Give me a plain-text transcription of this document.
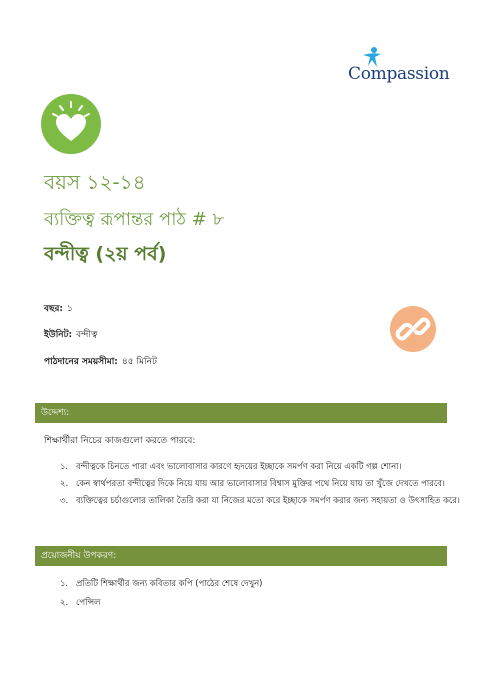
Compassion
বয়স ১২-১৪
ব্যক্তিত্ব রূপান্তর পাঠ # ৮
বন্দীত্ব (২য় পর্ব)
বছর: ১
ইউনিট: বন্দীত্ব
পাঠদানের সময়সীমা: ৪৫ মিনিট
উদ্দেশ্য:
শিক্ষার্থীরা নিচের কাজগুলো করতে পারবে:
১. বন্দীত্বকে চিনতে পারা এবং ভালোবাসার কারণে হৃদয়ের ইচ্ছাকে সমর্পণ করা নিয়ে একটি গল্প শোনা।
২. কেন স্বার্থপরতা বন্দীত্বের দিকে নিয়ে যায় আর ভালোবাসার বিশ্বাস মুক্তির পথে নিয়ে যায় তা খুঁজে দেখতে পারবে।
৩. ব্যক্তিত্বের চর্চাগুলোর তালিকা তৈরি করা যা নিজের মতো করে ইচ্ছাকে সমর্পণ করার জন্য সহায়তা ও উৎসাহিত করে।
প্রয়োজনীয় উপকরণ:
১. প্রতিটি শিক্ষার্থীর জন্য কবিতার কপি (পাঠের শেষে দেখুন)
২. পেন্সিল
